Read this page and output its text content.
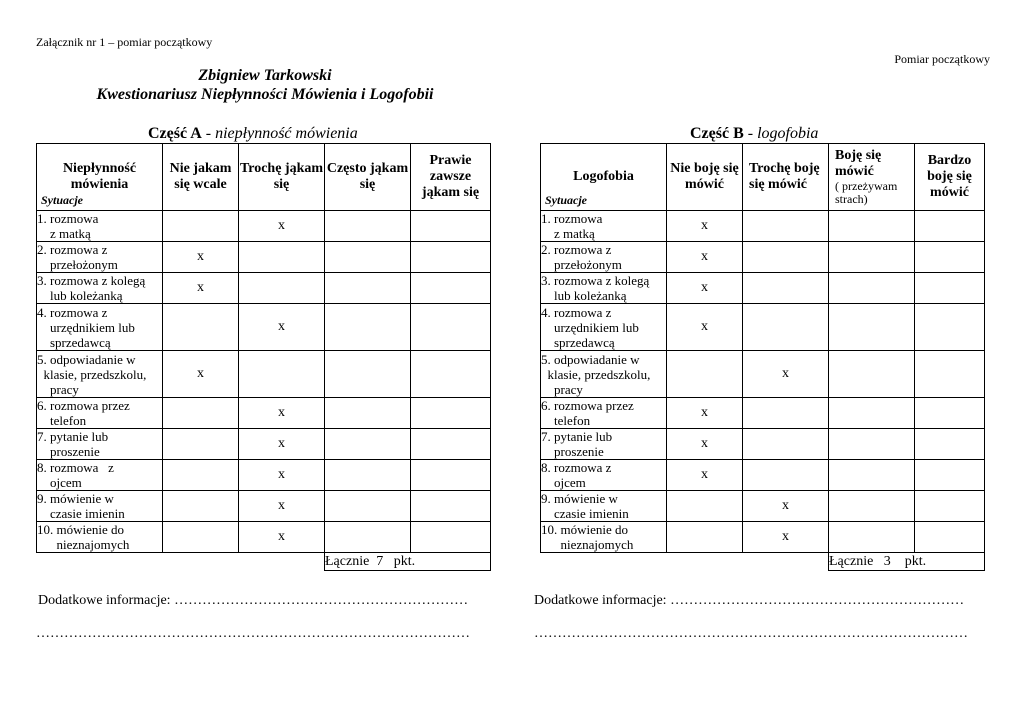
Załącznik nr 1 – pomiar początkowy
Pomiar początkowy
Zbigniew Tarkowski
Kwestionariusz Niepłynności Mówienia i Logofobii
Część A - niepłynność mówienia	Część B - logofobia
Niepłynność mówienia
Sytuacje	Nie jakam się wcale	Trochę jąkam się	Często jąkam się	Prawie zawsze jąkam się
1. rozmowa
z matką		x		
2. rozmowa z
przełożonym	x			
3. rozmowa z kolegą
lub koleżanką	x			
4. rozmowa z
urzędnikiem lub
sprzedawcą		x		
5. odpowiadanie w
klasie, przedszkolu,
pracy	x			
6. rozmowa przez
telefon		x		
7. pytanie lub
proszenie		x		
8. rozmowa   z
ojcem		x		
9. mówienie w
czasie imienin		x		
10. mówienie do
nieznajomych		x		
			Łącznie  7   pkt.	
Logofobia
Sytuacje	Nie boję się mówić	Trochę boję się mówić	Boję się mówić
( przeżywam strach)	Bardzo boję się mówić
1. rozmowa
z matką	x			
2. rozmowa z
przełożonym	x			
3. rozmowa z kolegą
lub koleżanką	x			
4. rozmowa z
urzędnikiem lub
sprzedawcą	x			
5. odpowiadanie w
klasie, przedszkolu,
pracy		x		
6. rozmowa przez
telefon	x			
7. pytanie lub
proszenie	x			
8. rozmowa z
ojcem	x			
9. mówienie w
czasie imienin		x		
10. mówienie do
nieznajomych		x		
			Łącznie   3    pkt.	
Dodatkowe informacje: ………………………………………………………
…………………………………………………………………………………
Dodatkowe informacje: ………………………………………………………
…………………………………………………………………………………
